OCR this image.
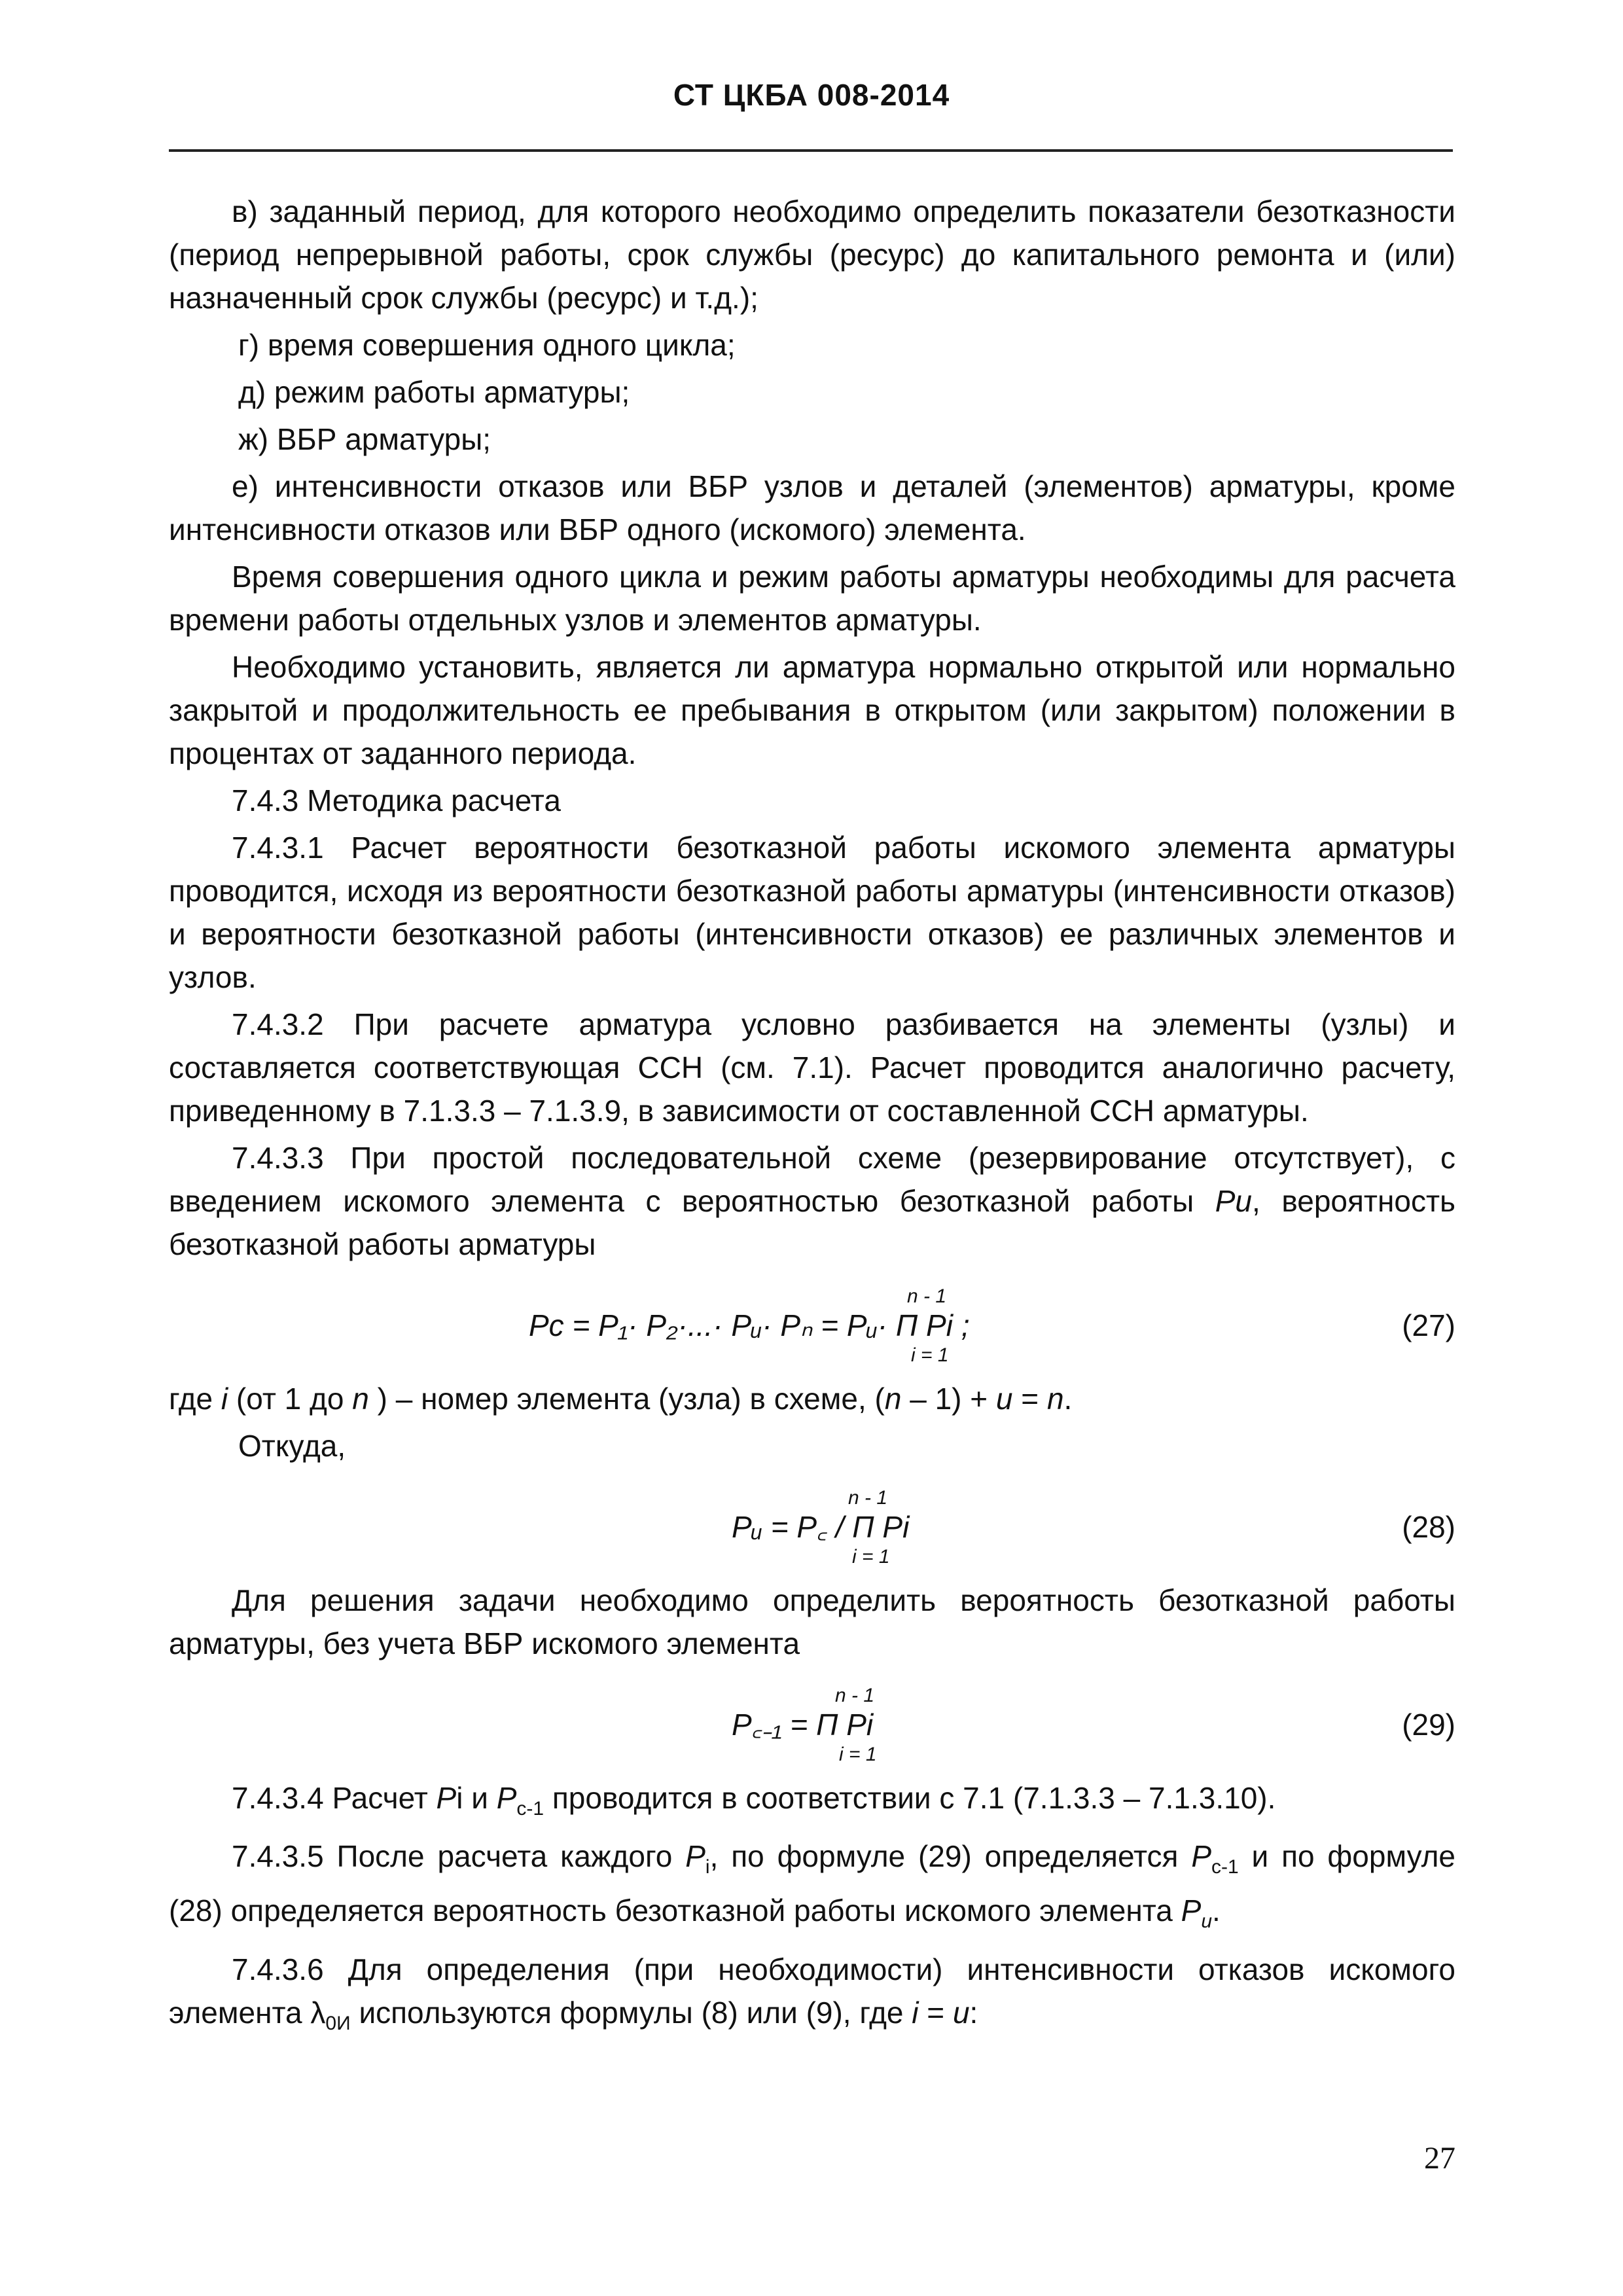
СТ ЦКБА 008-2014

в) заданный период, для которого необходимо определить показатели безотказности (период непрерывной работы, срок службы (ресурс) до капитального ремонта и (или) назначенный срок службы (ресурс) и т.д.);

г) время совершения одного цикла;

д) режим работы арматуры;

ж) ВБР арматуры;

е) интенсивности отказов или ВБР узлов и деталей (элементов) арматуры, кроме интенсивности отказов или ВБР одного (искомого) элемента.

Время совершения одного цикла и режим работы арматуры необходимы для расчета времени работы отдельных узлов и элементов арматуры.

Необходимо установить, является ли арматура нормально открытой или нормально закрытой и продолжительность ее пребывания в открытом (или закрытом) положении в процентах от заданного периода.

7.4.3 Методика расчета

7.4.3.1 Расчет вероятности безотказной работы искомого элемента арматуры проводится, исходя из вероятности безотказной работы арматуры (интенсивности отказов) и вероятности безотказной работы (интенсивности отказов) ее различных элементов и узлов.

7.4.3.2 При расчете арматура условно разбивается на элементы (узлы) и составляется соответствующая ССН (см. 7.1). Расчет проводится аналогично расчету, приведенному в 7.1.3.3 – 7.1.3.9, в зависимости от составленной ССН арматуры.

7.4.3.3 При простой последовательной схеме (резервирование отсутствует), с введением искомого элемента с вероятностью безотказной работы Pu, вероятность безотказной работы арматуры

Pc = P₁· P₂·...· Pᵤ· Pₙ = Pᵤ· П Pi ;
n - 1
i = 1
(27)

где i (от 1 до n ) – номер элемента (узла) в схеме, (n – 1) + u = n.

Откуда,

Pᵤ = P꜀ / П Pi
n - 1
i = 1
(28)

Для решения задачи необходимо определить вероятность безотказной работы арматуры, без учета ВБР искомого элемента

P꜀₋₁ = П Pi
n - 1
i = 1
(29)

7.4.3.4 Расчет Pi и $P_{c-1}$ проводится в соответствии с 7.1 (7.1.3.3 – 7.1.3.10).

7.4.3.5 После расчета каждого $P_i$, по формуле (29) определяется $P_{c-1}$ и по формуле (28) определяется вероятность безотказной работы искомого элемента $P_и$.

7.4.3.6 Для определения (при необходимости) интенсивности отказов искомого элемента $\lambda_{0И}$ используются формулы (8) или (9), где i = u:

27
